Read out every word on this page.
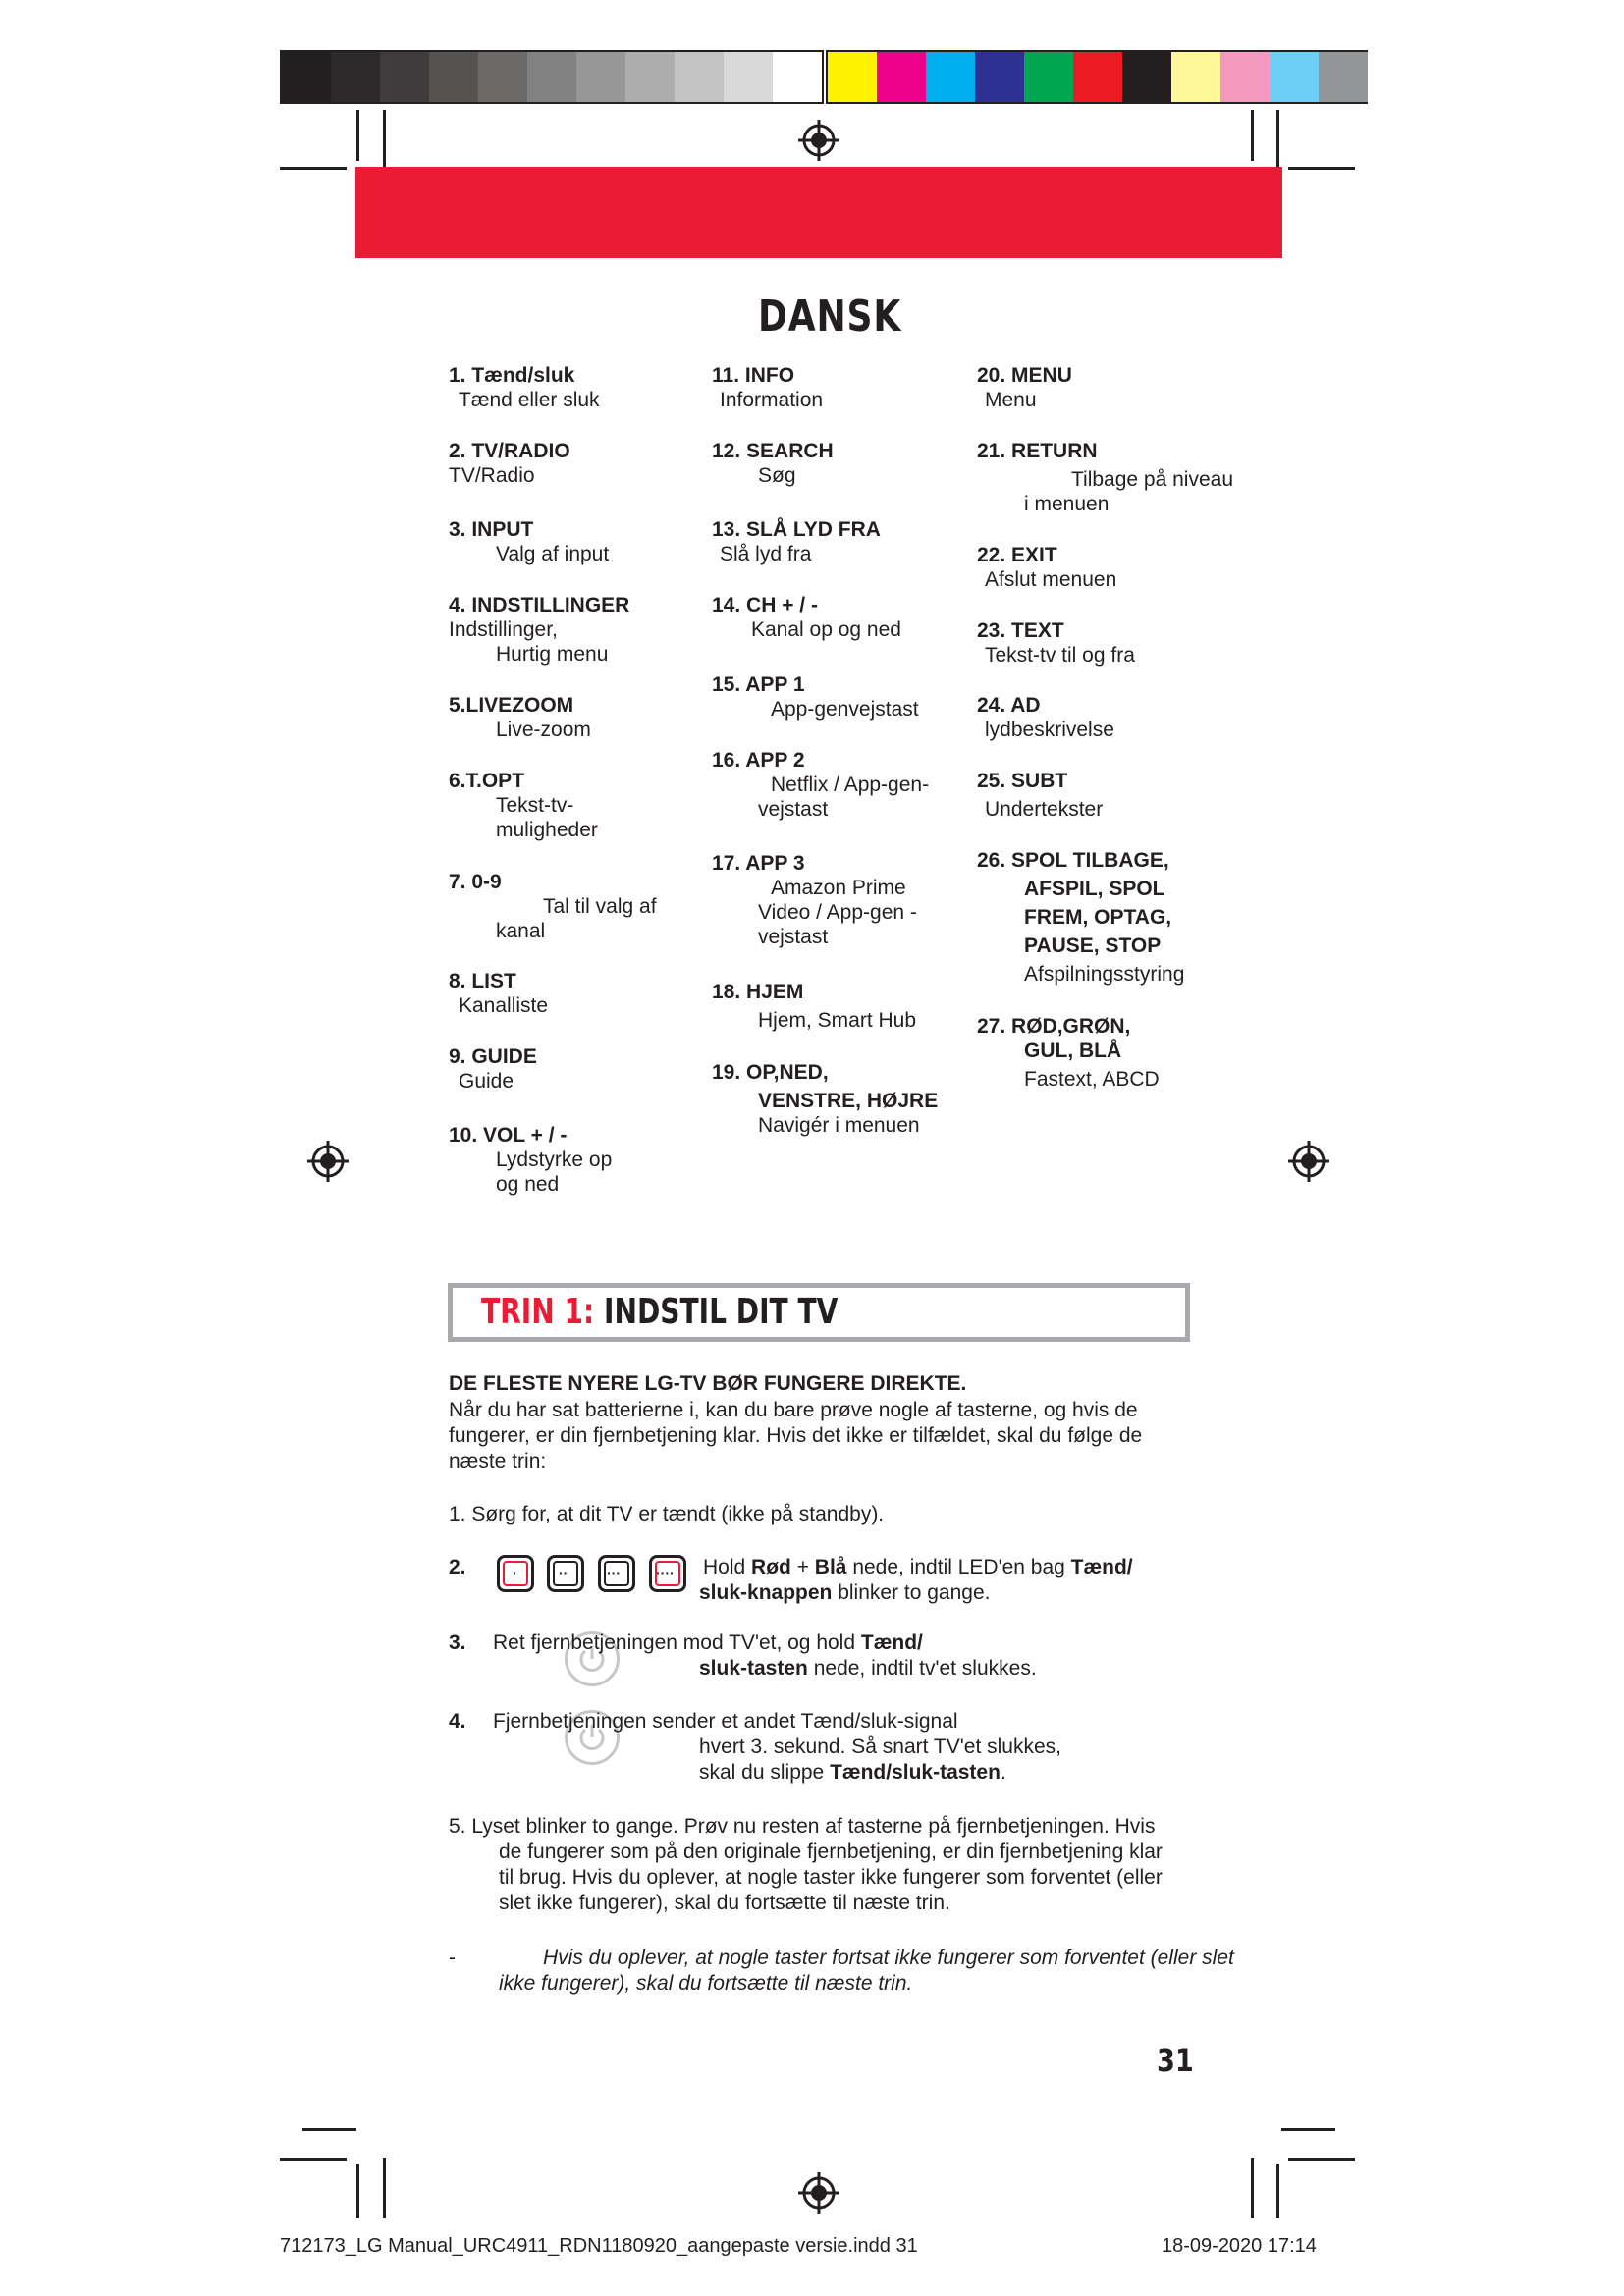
DANSK
1. Tænd/sluk
Tænd eller sluk
2. TV/RADIO
TV/Radio
3. INPUT
Valg af input
4. INDSTILLINGER
Indstillinger,
Hurtig menu
5.LIVEZOOM
Live-zoom
6.T.OPT
Tekst-tv-
muligheder
7. 0-9
Tal til valg af
kanal
8. LIST
Kanalliste
9. GUIDE
Guide
10. VOL + / -
Lydstyrke op
og ned
11. INFO
Information
12. SEARCH
Søg
13. SLÅ LYD FRA
Slå lyd fra
14. CH + / -
Kanal op og ned
15. APP 1
App-genvejstast
16. APP 2
Netflix / App-gen-
vejstast
17. APP 3
Amazon Prime
Video / App-gen -
vejstast
18. HJEM
Hjem, Smart Hub
19. OP,NED,
VENSTRE, HØJRE
Navigér i menuen
20. MENU
Menu
21. RETURN
Tilbage på niveau
i menuen
22. EXIT
Afslut menuen
23. TEXT
Tekst-tv til og fra
24. AD
lydbeskrivelse
25. SUBT
Undertekster
26. SPOL TILBAGE,
AFSPIL, SPOL
FREM, OPTAG,
PAUSE, STOP
Afspilningsstyring
27. RØD,GRØN,
GUL, BLÅ
Fastext, ABCD
TRIN 1: INDSTIL DIT TV
DE FLESTE NYERE LG-TV BØR FUNGERE DIREKTE.
Når du har sat batterierne i, kan du bare prøve nogle af tasterne, og hvis de
fungerer, er din fjernbetjening klar. Hvis det ikke er tilfældet, skal du følge de
næste trin:
1. Sørg for, at dit TV er tændt (ikke på standby).
2.	·	··	···	···· Hold Rød + Blå nede, indtil LED'en bag Tænd/
sluk-knappen blinker to gange.
3. Ret fjernbetjeningen mod TV'et, og hold Tænd/
sluk-tasten nede, indtil tv'et slukkes.
4. Fjernbetjeningen sender et andet Tænd/sluk-signal
hvert 3. sekund. Så snart TV'et slukkes,
skal du slippe Tænd/sluk-tasten.
5. Lyset blinker to gange. Prøv nu resten af tasterne på fjernbetjeningen. Hvis
de fungerer som på den originale fjernbetjening, er din fjernbetjening klar
til brug. Hvis du oplever, at nogle taster ikke fungerer som forventet (eller
slet ikke fungerer), skal du fortsætte til næste trin.
-	Hvis du oplever, at nogle taster fortsat ikke fungerer som forventet (eller slet
ikke fungerer), skal du fortsætte til næste trin.
31
712173_LG Manual_URC4911_RDN1180920_aangepaste versie.indd 31	18-09-2020 17:14
